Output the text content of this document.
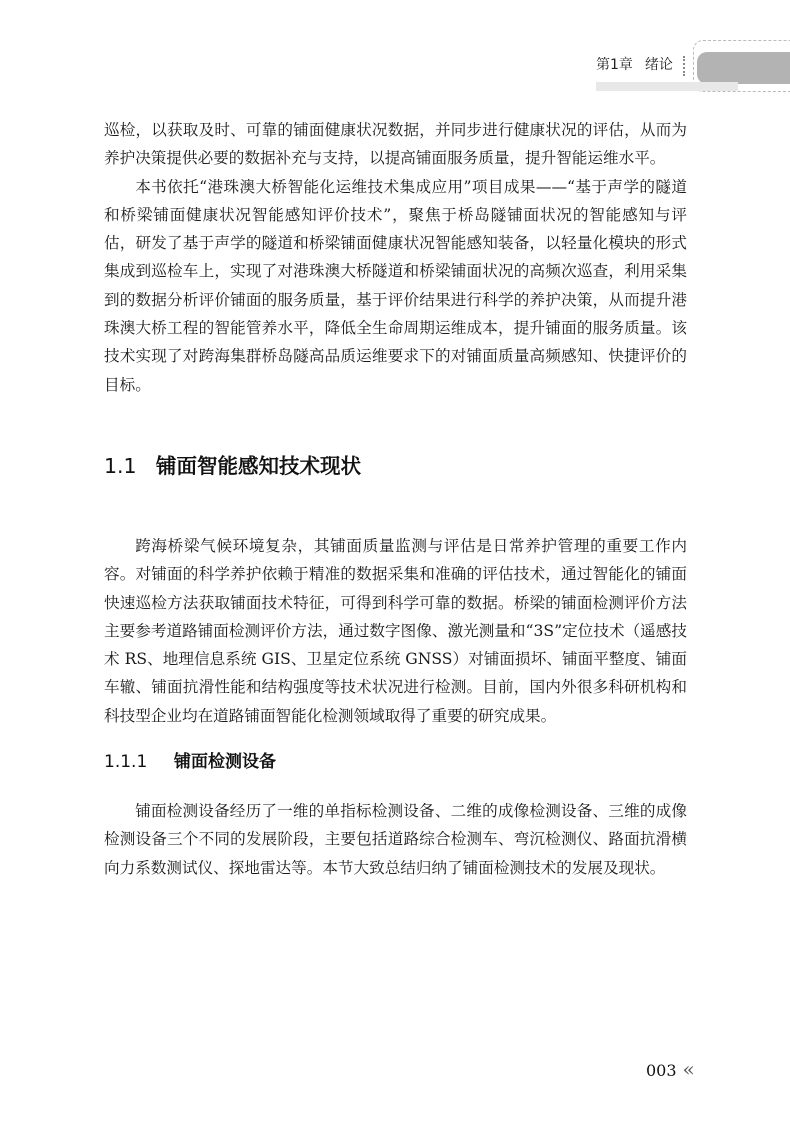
第1章 绪论

巡检，以获取及时、可靠的铺面健康状况数据，并同步进行健康状况的评估，从而为养护决策提供必要的数据补充与支持，以提高铺面服务质量，提升智能运维水平。

本书依托“港珠澳大桥智能化运维技术集成应用”项目成果——“基于声学的隧道和桥梁铺面健康状况智能感知评价技术”，聚焦于桥岛隧铺面状况的智能感知与评估，研发了基于声学的隧道和桥梁铺面健康状况智能感知装备，以轻量化模块的形式集成到巡检车上，实现了对港珠澳大桥隧道和桥梁铺面状况的高频次巡查，利用采集到的数据分析评价铺面的服务质量，基于评价结果进行科学的养护决策，从而提升港珠澳大桥工程的智能管养水平，降低全生命周期运维成本，提升铺面的服务质量。该技术实现了对跨海集群桥岛隧高品质运维要求下的对铺面质量高频感知、快捷评价的目标。

1.1 铺面智能感知技术现状

跨海桥梁气候环境复杂，其铺面质量监测与评估是日常养护管理的重要工作内容。对铺面的科学养护依赖于精准的数据采集和准确的评估技术，通过智能化的铺面快速巡检方法获取铺面技术特征，可得到科学可靠的数据。桥梁的铺面检测评价方法主要参考道路铺面检测评价方法，通过数字图像、激光测量和“3S”定位技术（遥感技术 RS、地理信息系统 GIS、卫星定位系统 GNSS）对铺面损坏、铺面平整度、铺面车辙、铺面抗滑性能和结构强度等技术状况进行检测。目前，国内外很多科研机构和科技型企业均在道路铺面智能化检测领域取得了重要的研究成果。

1.1.1 铺面检测设备

铺面检测设备经历了一维的单指标检测设备、二维的成像检测设备、三维的成像检测设备三个不同的发展阶段，主要包括道路综合检测车、弯沉检测仪、路面抗滑横向力系数测试仪、探地雷达等。本节大致总结归纳了铺面检测技术的发展及现状。

003 «
